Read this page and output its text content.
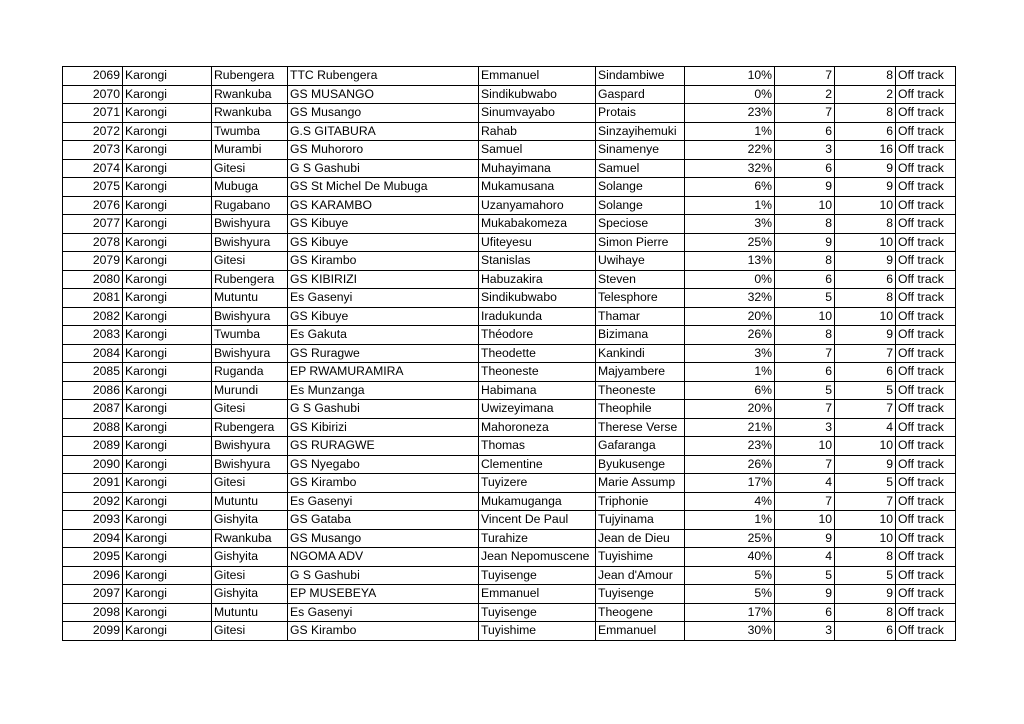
2069	Karongi	Rubengera	TTC Rubengera	Emmanuel	Sindambiwe	10%	7	8	Off track
2070	Karongi	Rwankuba	GS MUSANGO	Sindikubwabo	Gaspard	0%	2	2	Off track
2071	Karongi	Rwankuba	GS Musango	Sinumvayabo	Protais	23%	7	8	Off track
2072	Karongi	Twumba	G.S GITABURA	Rahab	Sinzayihemuki	1%	6	6	Off track
2073	Karongi	Murambi	GS Muhororo	Samuel	Sinamenye	22%	3	16	Off track
2074	Karongi	Gitesi	G S Gashubi	Muhayimana	Samuel	32%	6	9	Off track
2075	Karongi	Mubuga	GS St Michel De Mubuga	Mukamusana	Solange	6%	9	9	Off track
2076	Karongi	Rugabano	GS KARAMBO	Uzanyamahoro	Solange	1%	10	10	Off track
2077	Karongi	Bwishyura	GS Kibuye	Mukabakomeza	Speciose	3%	8	8	Off track
2078	Karongi	Bwishyura	GS Kibuye	Ufiteyesu	Simon Pierre	25%	9	10	Off track
2079	Karongi	Gitesi	GS Kirambo	Stanislas	Uwihaye	13%	8	9	Off track
2080	Karongi	Rubengera	GS KIBIRIZI	Habuzakira	Steven	0%	6	6	Off track
2081	Karongi	Mutuntu	Es Gasenyi	Sindikubwabo	Telesphore	32%	5	8	Off track
2082	Karongi	Bwishyura	GS Kibuye	Iradukunda	Thamar	20%	10	10	Off track
2083	Karongi	Twumba	Es Gakuta	Théodore	Bizimana	26%	8	9	Off track
2084	Karongi	Bwishyura	GS Ruragwe	Theodette	Kankindi	3%	7	7	Off track
2085	Karongi	Ruganda	EP RWAMURAMIRA	Theoneste	Majyambere	1%	6	6	Off track
2086	Karongi	Murundi	Es Munzanga	Habimana	Theoneste	6%	5	5	Off track
2087	Karongi	Gitesi	G S Gashubi	Uwizeyimana	Theophile	20%	7	7	Off track
2088	Karongi	Rubengera	GS Kibirizi	Mahoroneza	Therese Verse	21%	3	4	Off track
2089	Karongi	Bwishyura	GS RURAGWE	Thomas	Gafaranga	23%	10	10	Off track
2090	Karongi	Bwishyura	GS Nyegabo	Clementine	Byukusenge	26%	7	9	Off track
2091	Karongi	Gitesi	GS Kirambo	Tuyizere	Marie Assump	17%	4	5	Off track
2092	Karongi	Mutuntu	Es Gasenyi	Mukamuganga	Triphonie	4%	7	7	Off track
2093	Karongi	Gishyita	GS Gataba	Vincent De Paul	Tujyinama	1%	10	10	Off track
2094	Karongi	Rwankuba	GS Musango	Turahize	Jean de Dieu	25%	9	10	Off track
2095	Karongi	Gishyita	NGOMA ADV	Jean Nepomuscene	Tuyishime	40%	4	8	Off track
2096	Karongi	Gitesi	G S Gashubi	Tuyisenge	Jean d'Amour	5%	5	5	Off track
2097	Karongi	Gishyita	EP MUSEBEYA	Emmanuel	Tuyisenge	5%	9	9	Off track
2098	Karongi	Mutuntu	Es Gasenyi	Tuyisenge	Theogene	17%	6	8	Off track
2099	Karongi	Gitesi	GS Kirambo	Tuyishime	Emmanuel	30%	3	6	Off track
